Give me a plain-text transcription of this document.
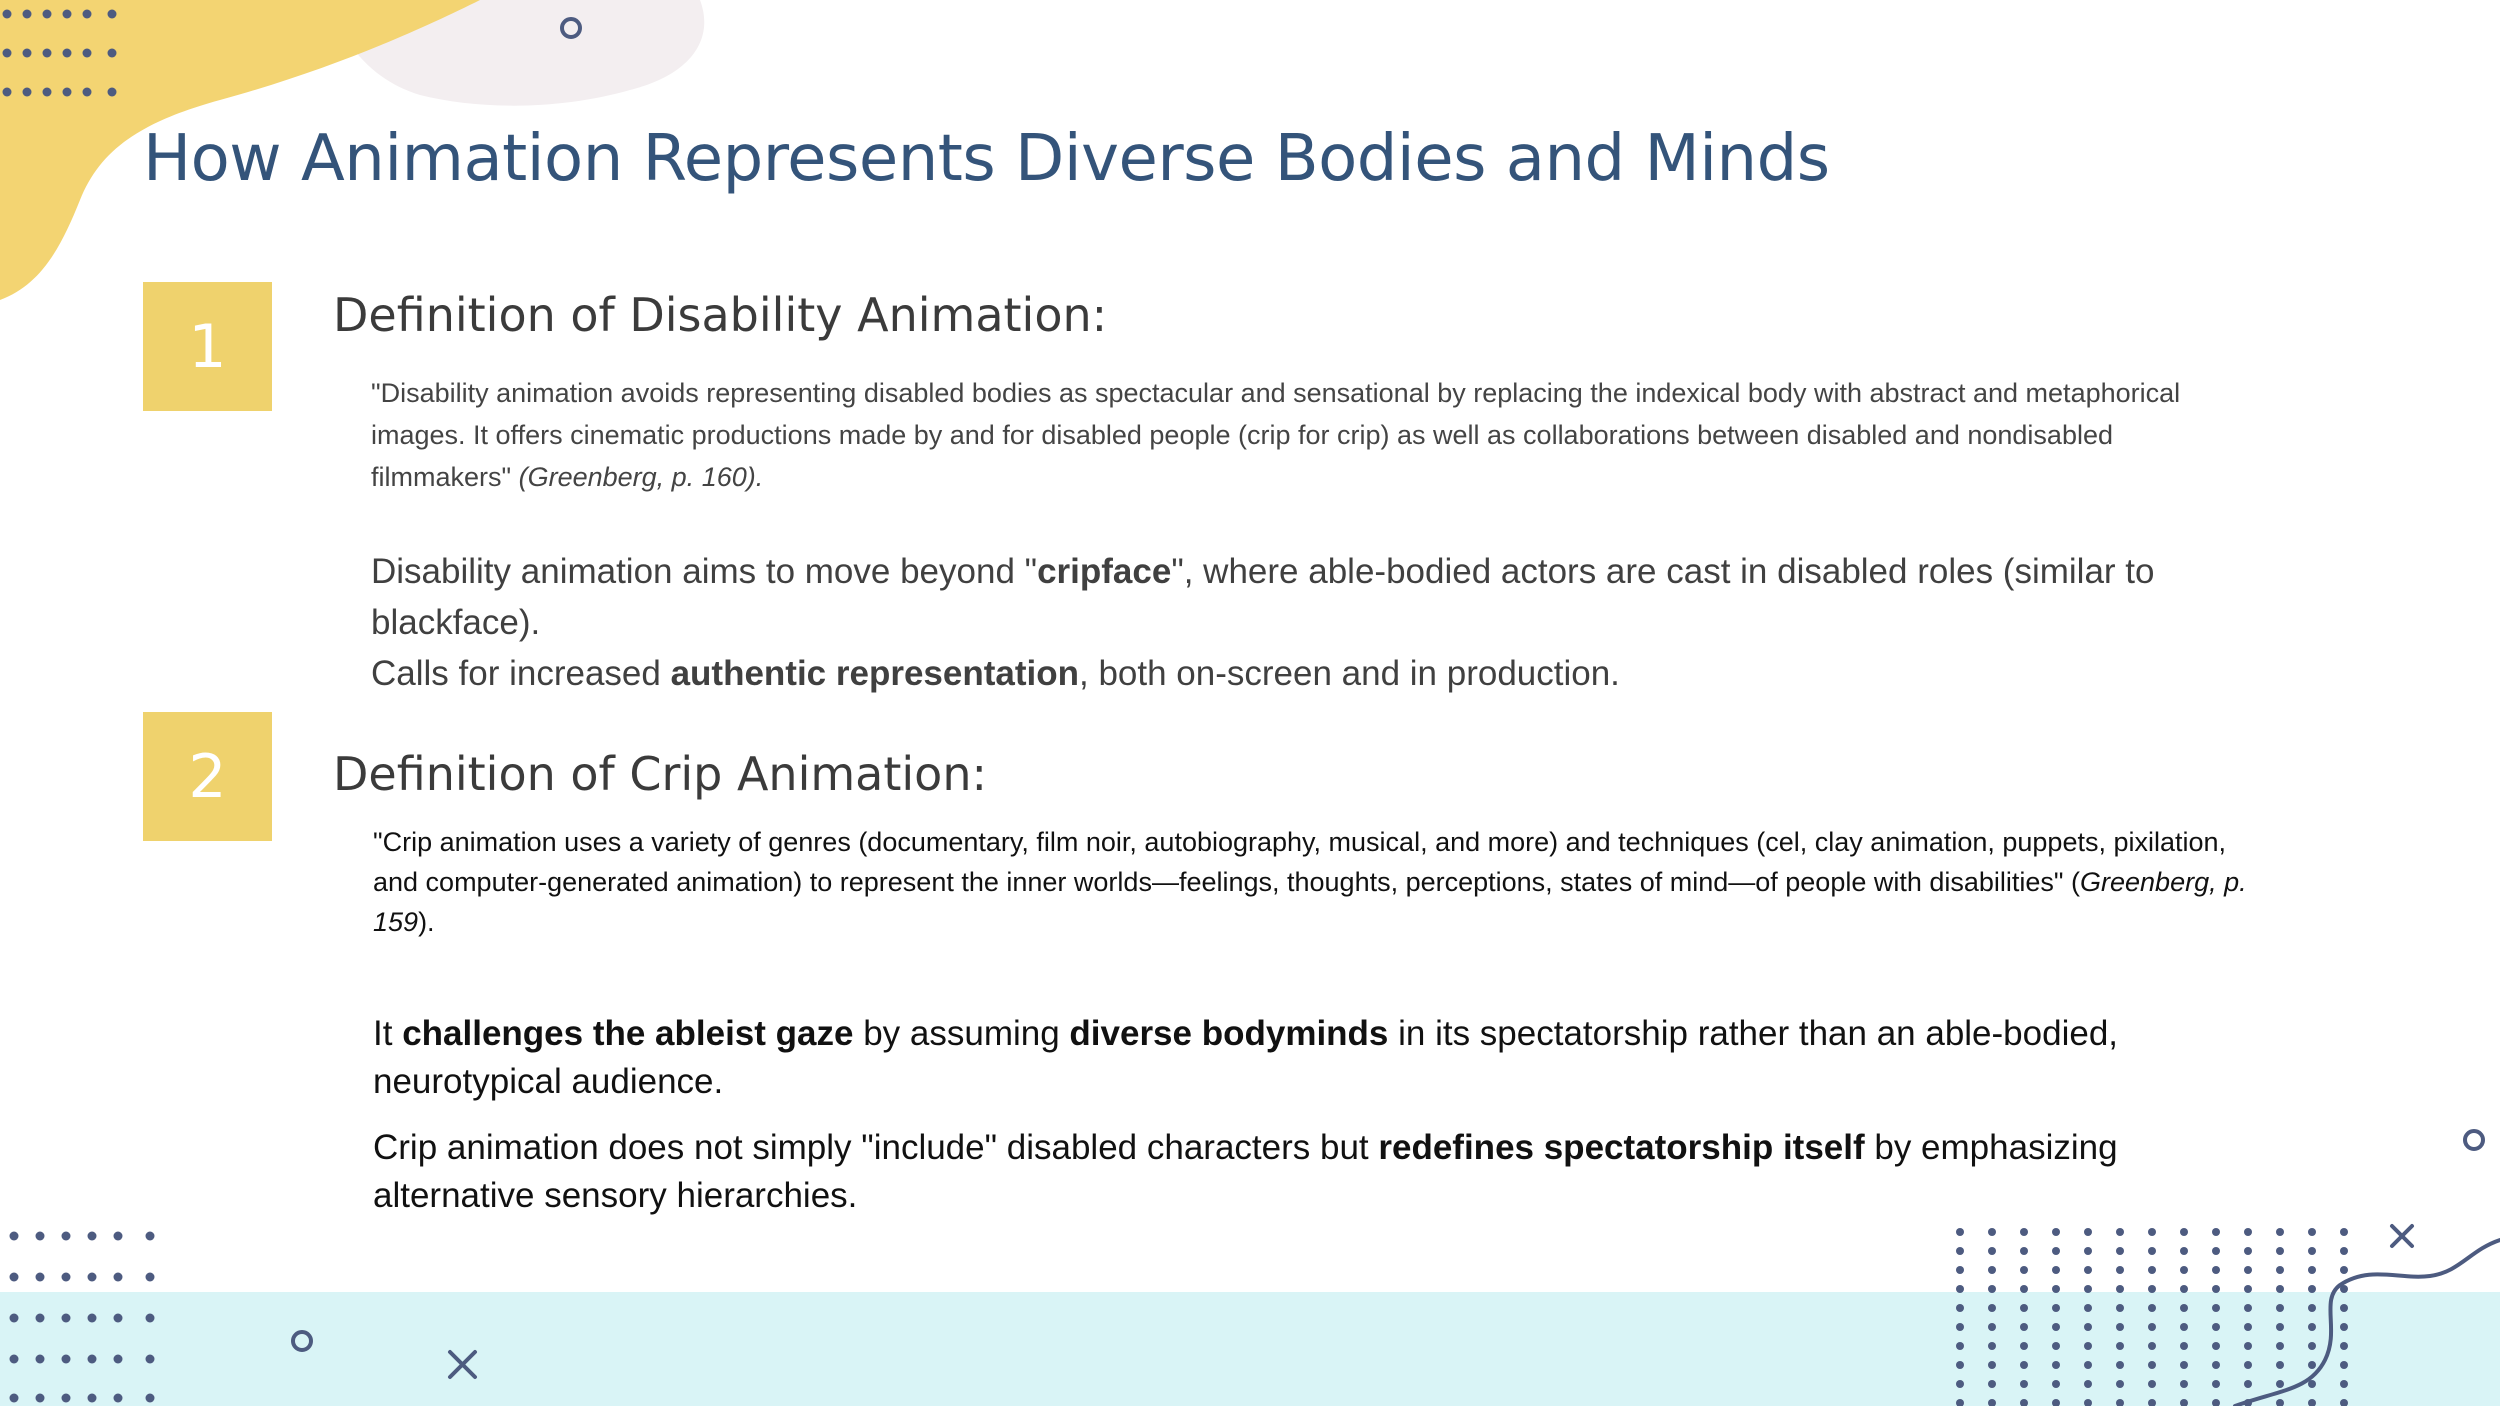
How Animation Represents Diverse Bodies and Minds
1	Definition of Disability Animation:

"Disability animation avoids representing disabled bodies as spectacular and sensational by replacing the indexical body with abstract and metaphorical images. It offers cinematic productions made by and for disabled people (crip for crip) as well as collaborations between disabled and nondisabled filmmakers" (Greenberg, p. 160).

Disability animation aims to move beyond "cripface", where able-bodied actors are cast in disabled roles (similar to blackface).
Calls for increased authentic representation, both on-screen and in production.
2	Definition of Crip Animation:

"Crip animation uses a variety of genres (documentary, film noir, autobiography, musical, and more) and techniques (cel, clay animation, puppets, pixilation, and computer-generated animation) to represent the inner worlds—feelings, thoughts, perceptions, states of mind—of people with disabilities" (Greenberg, p. 159).

It challenges the ableist gaze by assuming diverse bodyminds in its spectatorship rather than an able-bodied, neurotypical audience.

Crip animation does not simply "include" disabled characters but redefines spectatorship itself by emphasizing alternative sensory hierarchies.
